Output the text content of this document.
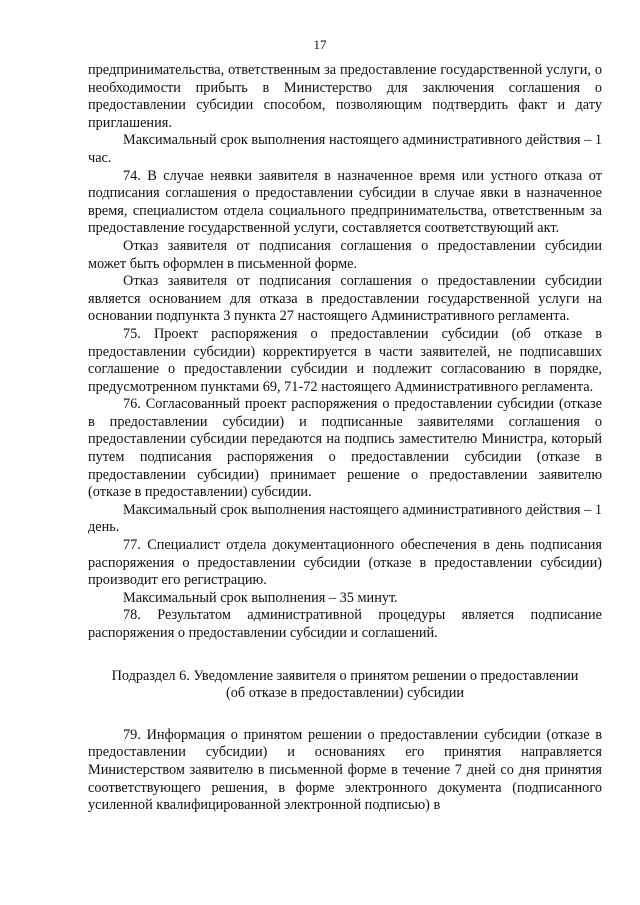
17

предпринимательства, ответственным за предоставление государственной услуги, о необходимости прибыть в Министерство для заключения соглашения о предоставлении субсидии способом, позволяющим подтвердить факт и дату приглашения.

Максимальный срок выполнения настоящего административного действия – 1 час.

74. В случае неявки заявителя в назначенное время или устного отказа от подписания соглашения о предоставлении субсидии в случае явки в назначенное время, специалистом отдела социального предпринимательства, ответственным за предоставление государственной услуги, составляется соответствующий акт.

Отказ заявителя от подписания соглашения о предоставлении субсидии может быть оформлен в письменной форме.

Отказ заявителя от подписания соглашения о предоставлении субсидии является основанием для отказа в предоставлении государственной услуги на основании подпункта 3 пункта 27 настоящего Административного регламента.

75. Проект распоряжения о предоставлении субсидии (об отказе в предоставлении субсидии) корректируется в части заявителей, не подписавших соглашение о предоставлении субсидии и подлежит согласованию в порядке, предусмотренном пунктами 69, 71-72 настоящего Административного регламента.

76. Согласованный проект распоряжения о предоставлении субсидии (отказе в предоставлении субсидии) и подписанные заявителями соглашения о предоставлении субсидии передаются на подпись заместителю Министра, который путем подписания распоряжения о предоставлении субсидии (отказе в предоставлении субсидии) принимает решение о предоставлении заявителю (отказе в предоставлении) субсидии.

Максимальный срок выполнения настоящего административного действия – 1 день.

77. Специалист отдела документационного обеспечения в день подписания распоряжения о предоставлении субсидии (отказе в предоставлении субсидии) производит его регистрацию.

Максимальный срок выполнения – 35 минут.

78. Результатом административной процедуры является подписание распоряжения о предоставлении субсидии и соглашений.

Подраздел 6. Уведомление заявителя о принятом решении о предоставлении
(об отказе в предоставлении) субсидии

79. Информация о принятом решении о предоставлении субсидии (отказе в предоставлении субсидии) и основаниях его принятия направляется Министерством заявителю в письменной форме в течение 7 дней со дня принятия соответствующего решения, в форме электронного документа (подписанного усиленной квалифицированной электронной подписью) в
